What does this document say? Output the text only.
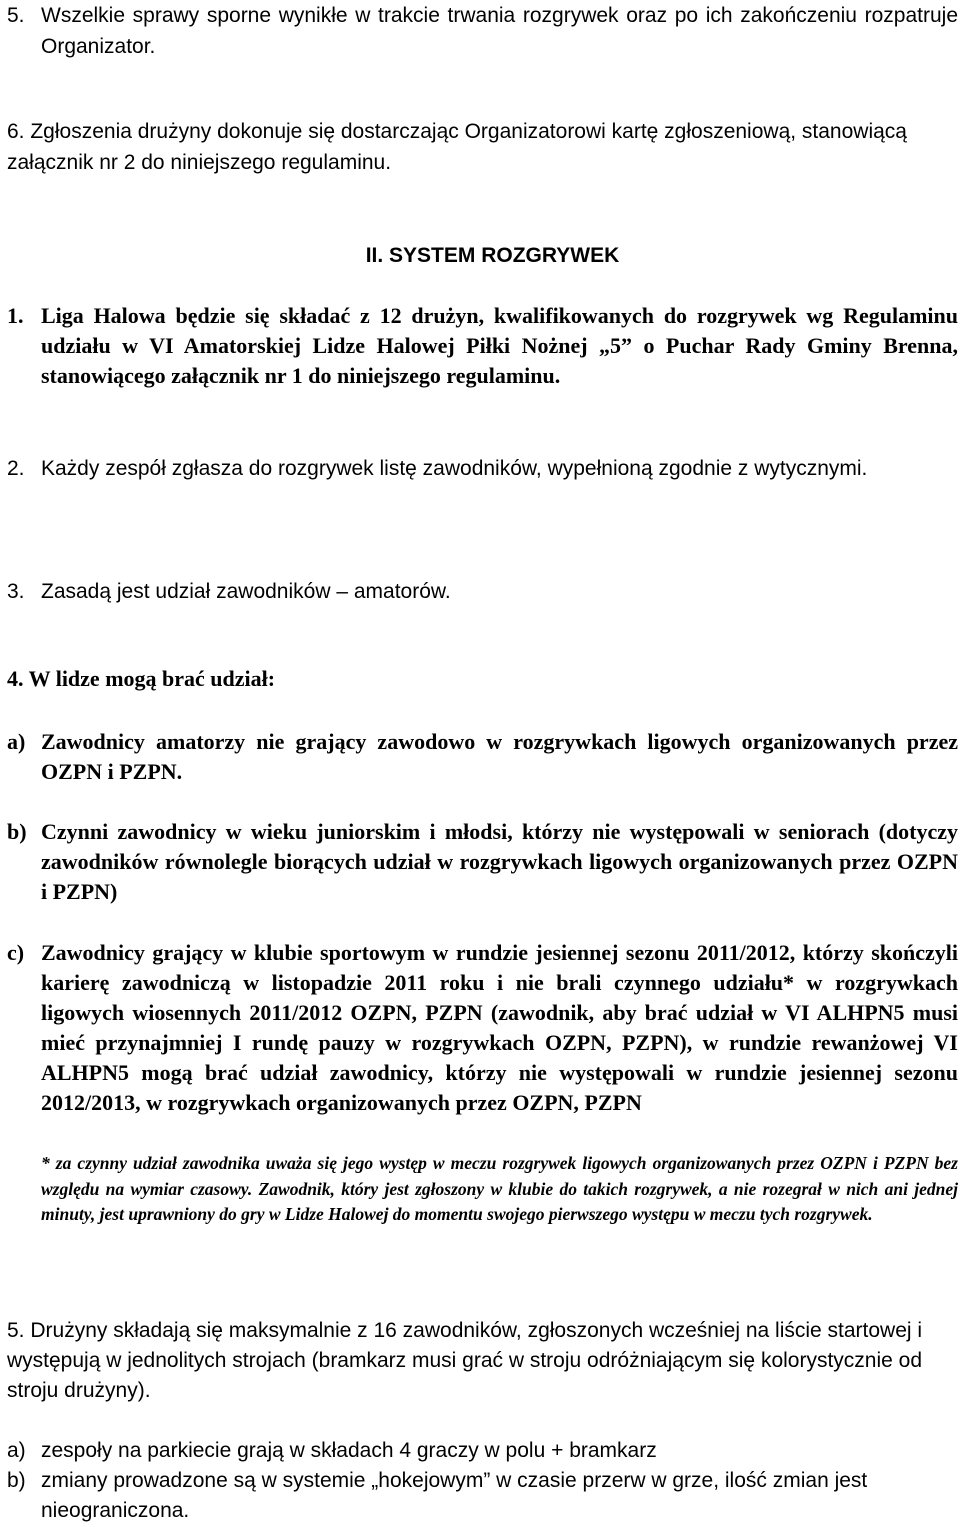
5. Wszelkie sprawy sporne wynikłe w trakcie trwania rozgrywek oraz po ich zakończeniu rozpatruje Organizator.
6. Zgłoszenia drużyny dokonuje się dostarczając Organizatorowi kartę zgłoszeniową, stanowiącą załącznik nr 2 do niniejszego regulaminu.
II. SYSTEM ROZGRYWEK
1. Liga Halowa będzie się składać z 12 drużyn, kwalifikowanych do rozgrywek wg Regulaminu udziału w VI Amatorskiej Lidze Halowej Piłki Nożnej „5” o Puchar Rady Gminy Brenna, stanowiącego załącznik nr 1 do niniejszego regulaminu.
2. Każdy zespół zgłasza do rozgrywek listę zawodników, wypełnioną zgodnie z wytycznymi.
3. Zasadą jest udział zawodników – amatorów.
4. W lidze mogą brać udział:
a) Zawodnicy amatorzy nie grający zawodowo w rozgrywkach ligowych organizowanych przez OZPN i PZPN.
b) Czynni zawodnicy w wieku juniorskim i młodsi, którzy nie występowali w seniorach (dotyczy zawodników równolegle biorących udział w rozgrywkach ligowych organizowanych przez OZPN i PZPN)
c) Zawodnicy grający w klubie sportowym w rundzie jesiennej sezonu 2011/2012, którzy skończyli karierę zawodniczą w listopadzie 2011 roku i nie brali czynnego udziału* w rozgrywkach ligowych wiosennych 2011/2012 OZPN, PZPN (zawodnik, aby brać udział w VI ALHPN5 musi mieć przynajmniej I rundę pauzy w rozgrywkach OZPN, PZPN), w rundzie rewanżowej VI ALHPN5 mogą brać udział zawodnicy, którzy nie występowali w rundzie jesiennej sezonu 2012/2013, w rozgrywkach organizowanych przez OZPN, PZPN
* za czynny udział zawodnika uważa się jego występ w meczu rozgrywek ligowych organizowanych przez OZPN i PZPN bez względu na wymiar czasowy. Zawodnik, który jest zgłoszony w klubie do takich rozgrywek, a nie rozegrał w nich ani jednej minuty, jest uprawniony do gry w Lidze Halowej do momentu swojego pierwszego występu w meczu tych rozgrywek.
5. Drużyny składają się maksymalnie z 16 zawodników, zgłoszonych wcześniej na liście startowej i występują w jednolitych strojach (bramkarz musi grać w stroju odróżniającym się kolorystycznie od stroju drużyny).
a) zespoły na parkiecie grają w składach 4 graczy w polu + bramkarz
b) zmiany prowadzone są w systemie „hokejowym” w czasie przerw w grze, ilość zmian jest nieograniczona.
